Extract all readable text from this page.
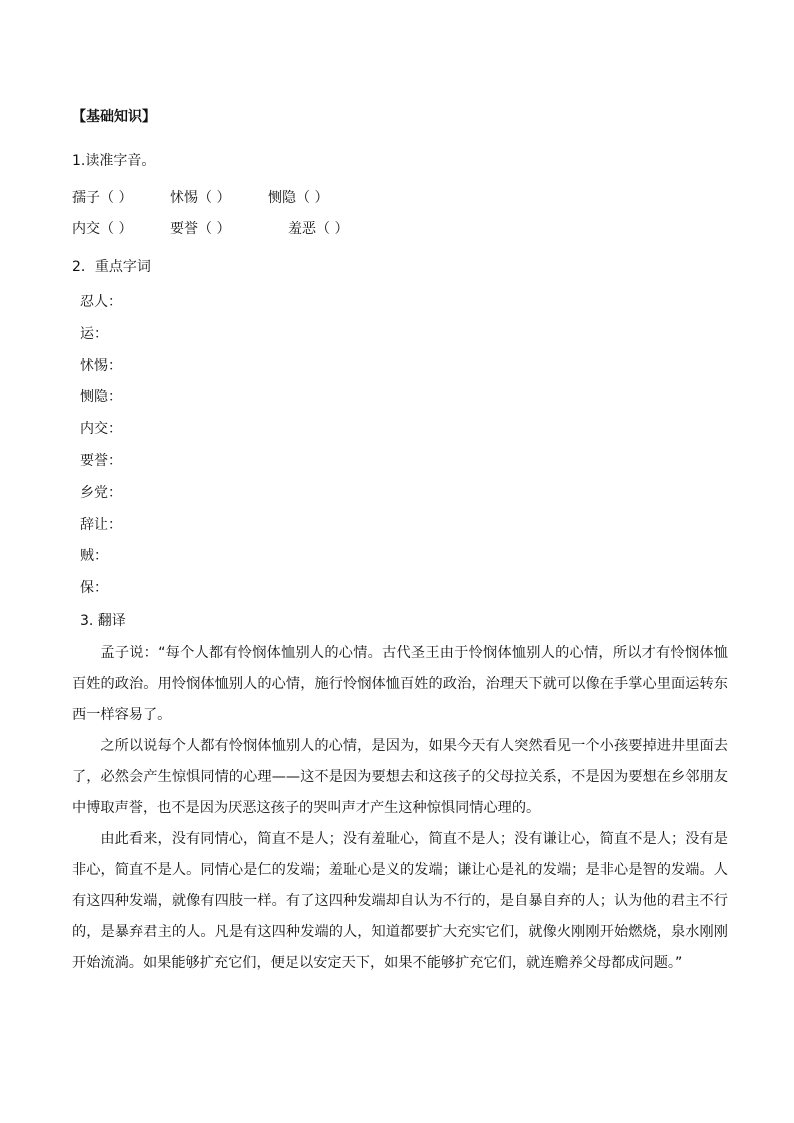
【基础知识】
1.读准字音。
孺子（ ）	怵惕（ ）	恻隐（ ）
内交（ ）	要誉（ ）	羞恶（ ）
2．重点字词
忍人：
运：
怵惕：
恻隐：
内交：
要誉：
乡党：
辞让：
贼：
保：
3. 翻译

孟子说：“每个人都有怜悯体恤别人的心情。古代圣王由于怜悯体恤别人的心情，所以才有怜悯体恤百姓的政治。用怜悯体恤别人的心情，施行怜悯体恤百姓的政治，治理天下就可以像在手掌心里面运转东西一样容易了。

之所以说每个人都有怜悯体恤别人的心情，是因为，如果今天有人突然看见一个小孩要掉进井里面去了，必然会产生惊惧同情的心理——这不是因为要想去和这孩子的父母拉关系，不是因为要想在乡邻朋友中博取声誉，也不是因为厌恶这孩子的哭叫声才产生这种惊惧同情心理的。

由此看来，没有同情心，简直不是人；没有羞耻心，简直不是人；没有谦让心，简直不是人；没有是非心，简直不是人。同情心是仁的发端；羞耻心是义的发端；谦让心是礼的发端；是非心是智的发端。人有这四种发端，就像有四肢一样。有了这四种发端却自认为不行的，是自暴自弃的人；认为他的君主不行的，是暴弃君主的人。凡是有这四种发端的人，知道都要扩大充实它们，就像火刚刚开始燃烧，泉水刚刚开始流淌。如果能够扩充它们，便足以安定天下，如果不能够扩充它们，就连赡养父母都成问题。”
